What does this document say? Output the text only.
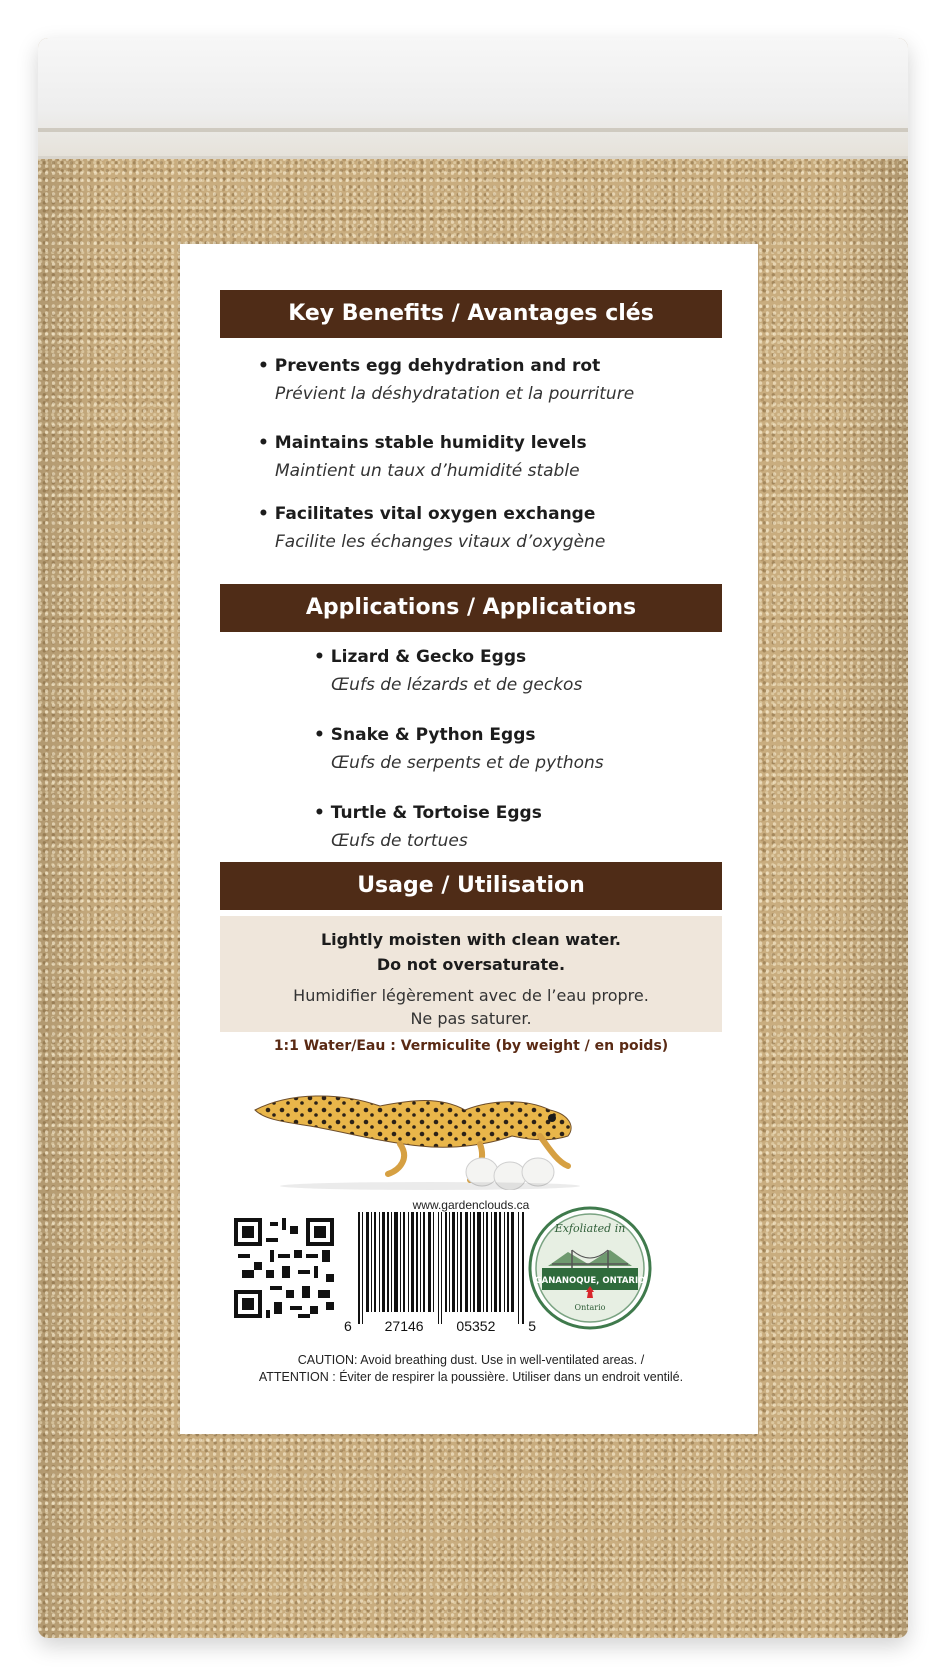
Key Benefits / Avantages clés
• Prevents egg dehydration and rot
Prévient la déshydratation et la pourriture
• Maintains stable humidity levels
Maintient un taux d’humidité stable
• Facilitates vital oxygen exchange
Facilite les échanges vitaux d’oxygène
Applications / Applications
• Lizard & Gecko Eggs
Œufs de lézards et de geckos
• Snake & Python Eggs
Œufs de serpents et de pythons
• Turtle & Tortoise Eggs
Œufs de tortues
Usage / Utilisation
Lightly moisten with clean water.
Do not oversaturate.
Humidifier légèrement avec de l’eau propre.
Ne pas saturer.
1:1 Water/Eau : Vermiculite (by weight / en poids)
www.gardenclouds.ca
6 27146 05352 5
Exfoliated in
GANANOQUE, ONTARIO
Ontario
CAUTION: Avoid breathing dust. Use in well-ventilated areas. /
ATTENTION : Éviter de respirer la poussière. Utiliser dans un endroit ventilé.
